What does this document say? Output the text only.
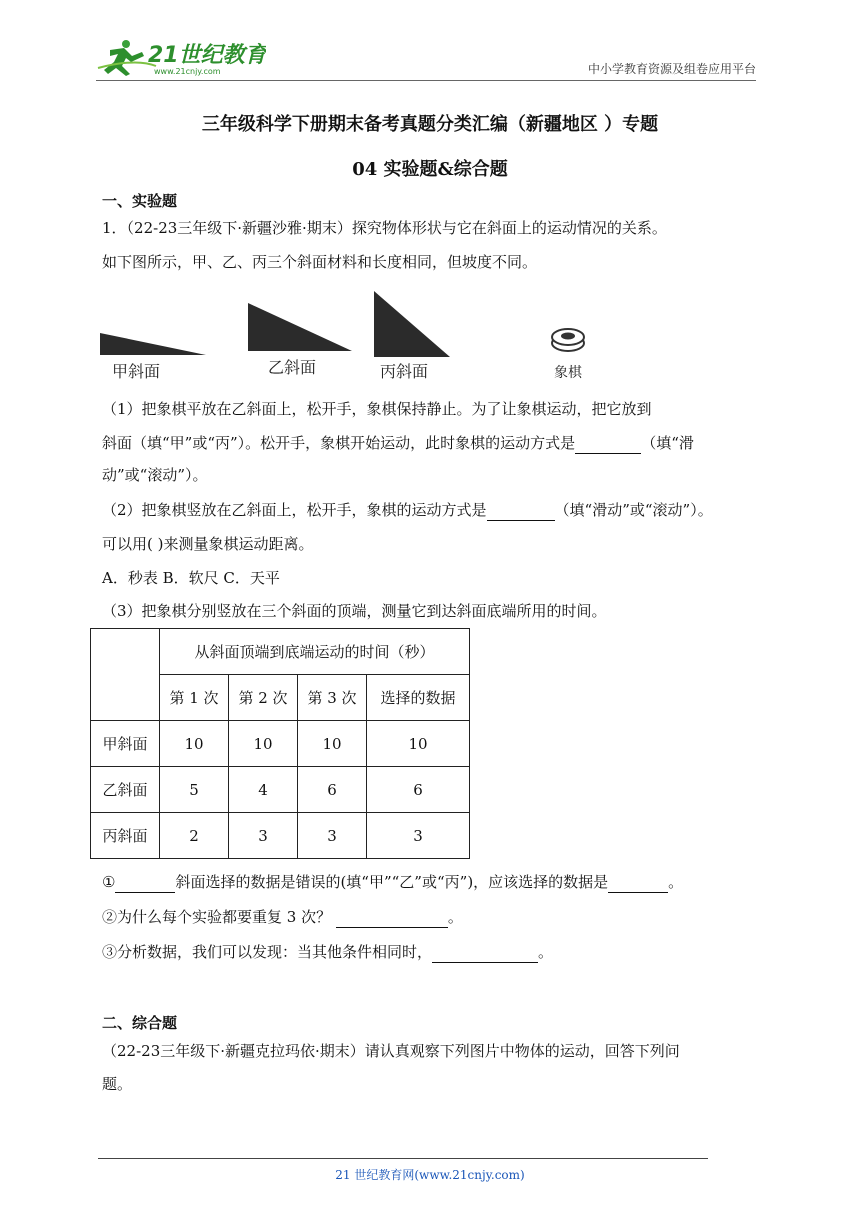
21世纪教育
www.21cnjy.com	中小学教育资源及组卷应用平台
三年级科学下册期末备考真题分类汇编（新疆地区 ）专题
04 实验题&综合题
一、实验题
1．（22-23三年级下·新疆沙雅·期末）探究物体形状与它在斜面上的运动情况的关系。
如下图所示，甲、乙、丙三个斜面材料和长度相同，但坡度不同。
甲斜面	乙斜面	丙斜面	象棋
（1）把象棋平放在乙斜面上，松开手，象棋保持静止。为了让象棋运动，把它放到
斜面（填“甲”或“丙”）。松开手，象棋开始运动，此时象棋的运动方式是	（填“滑
动”或“滚动”）。
（2）把象棋竖放在乙斜面上，松开手，象棋的运动方式是	（填“滑动”或“滚动”）。
可以用( )来测量象棋运动距离。
A．秒表 B．软尺 C．天平
（3）把象棋分别竖放在三个斜面的顶端，测量它到达斜面底端所用的时间。
	从斜面顶端到底端运动的时间（秒）			
	第 1 次	第 2 次	第 3 次	选择的数据
甲斜面	10	10	10	10
乙斜面	5	4	6	6
丙斜面	2	3	3	3
①	斜面选择的数据是错误的(填“甲”“乙”或“丙”)，应该选择的数据是	。
②为什么每个实验都要重复 3 次？	。
③分析数据，我们可以发现：当其他条件相同时，	。
二、综合题
（22-23三年级下·新疆克拉玛依·期末）请认真观察下列图片中物体的运动，回答下列问
题。
21 世纪教育网(www.21cnjy.com)
